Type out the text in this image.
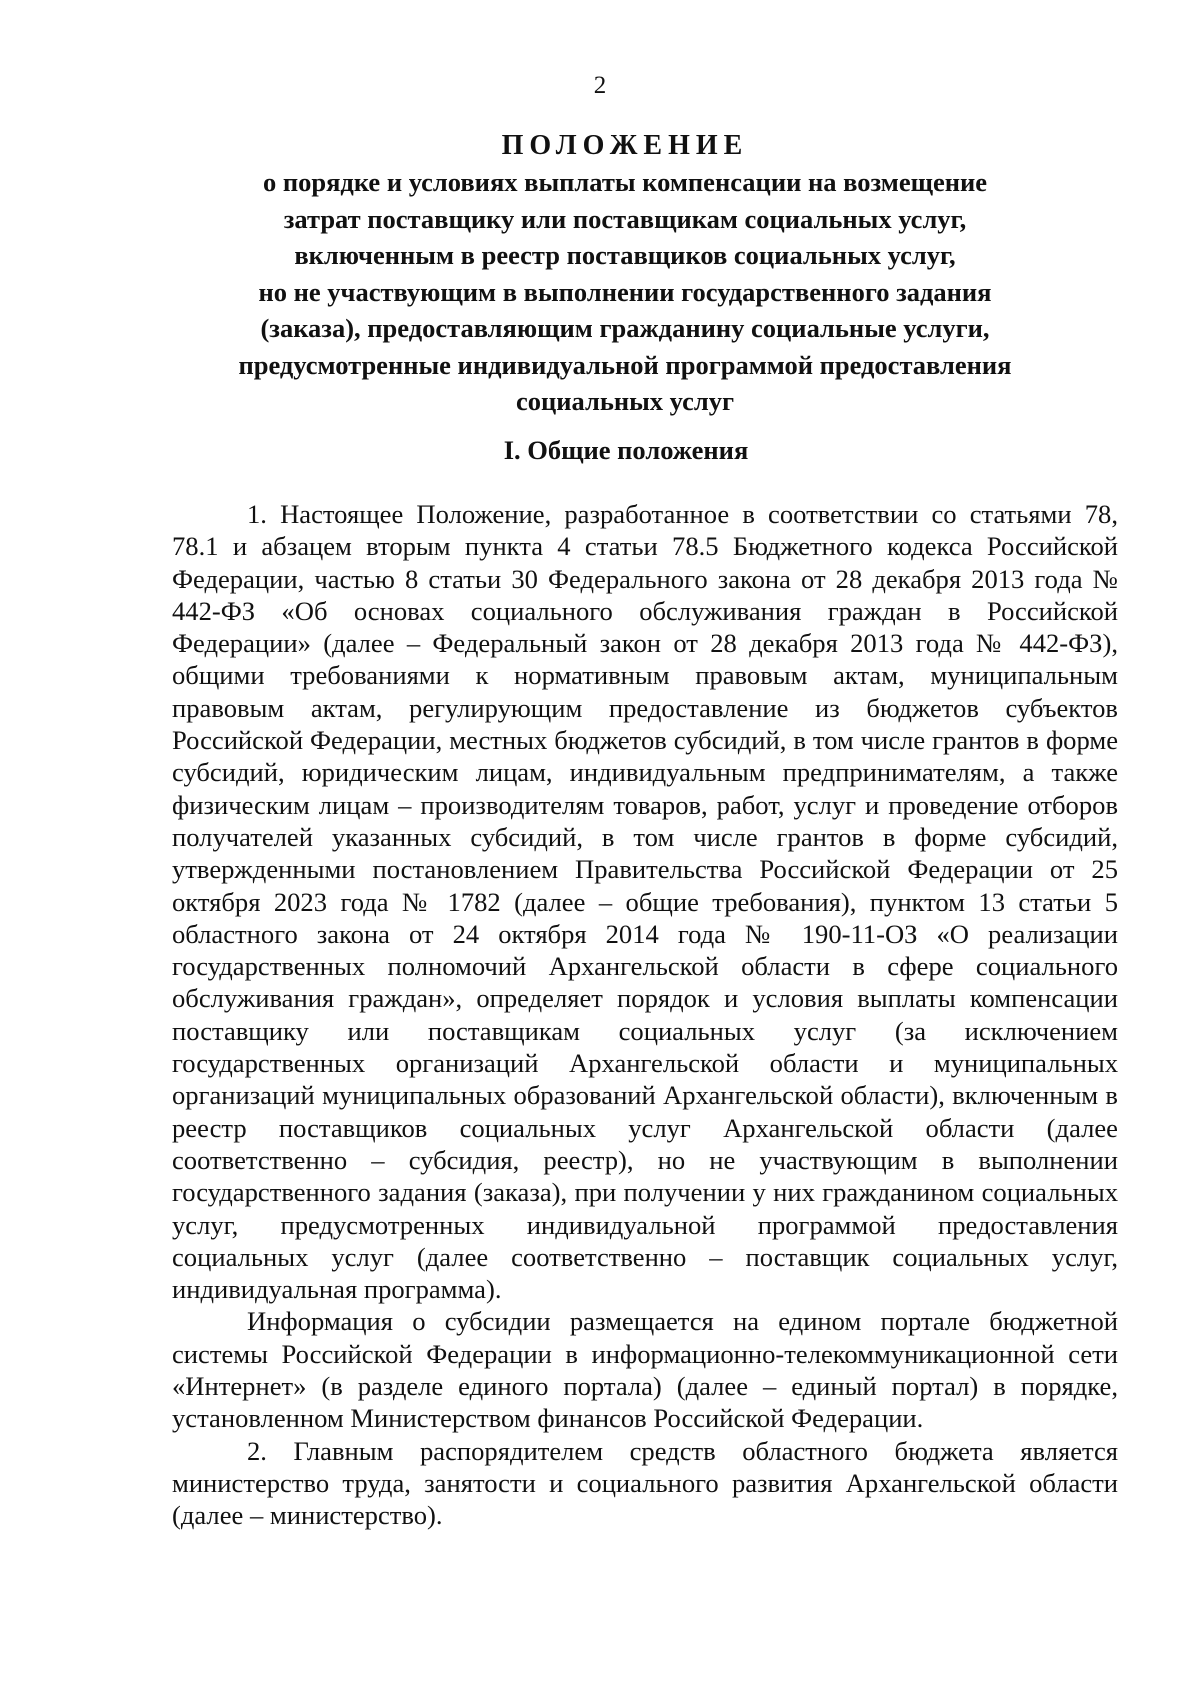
2
ПОЛОЖЕНИЕ
о порядке и условиях выплаты компенсации на возмещение
затрат поставщику или поставщикам социальных услуг,
включенным в реестр поставщиков социальных услуг,
но не участвующим в выполнении государственного задания
(заказа), предоставляющим гражданину социальные услуги,
предусмотренные индивидуальной программой предоставления
социальных услуг
I. Общие положения

1. Настоящее Положение, разработанное в соответствии со статьями 78, 78.1 и абзацем вторым пункта 4 статьи 78.5 Бюджетного кодекса Российской Федерации, частью 8 статьи 30 Федерального закона от 28 декабря 2013 года № 442-ФЗ «Об основах социального обслуживания граждан в Российской Федерации» (далее – Федеральный закон от 28 декабря 2013 года № 442-ФЗ), общими требованиями к нормативным правовым актам, муниципальным правовым актам, регулирующим предоставление из бюджетов субъектов Российской Федерации, местных бюджетов субсидий, в том числе грантов в форме субсидий, юридическим лицам, индивидуальным предпринимателям, а также физическим лицам – производителям товаров, работ, услуг и проведение отборов получателей указанных субсидий, в том числе грантов в форме субсидий, утвержденными постановлением Правительства Российской Федерации от 25 октября 2023 года № 1782 (далее – общие требования), пунктом 13 статьи 5 областного закона от 24 октября 2014 года № 190-11-ОЗ «О реализации государственных полномочий Архангельской области в сфере социального обслуживания граждан», определяет порядок и условия выплаты компенсации поставщику или поставщикам социальных услуг (за исключением государственных организаций Архангельской области и муниципальных организаций муниципальных образований Архангельской области), включенным в реестр поставщиков социальных услуг Архангельской области (далее соответственно – субсидия, реестр), но не участвующим в выполнении государственного задания (заказа), при получении у них гражданином социальных услуг, предусмотренных индивидуальной программой предоставления социальных услуг (далее соответственно – поставщик социальных услуг, индивидуальная программа).

Информация о субсидии размещается на едином портале бюджетной системы Российской Федерации в информационно-телекоммуникационной сети «Интернет» (в разделе единого портала) (далее – единый портал) в порядке, установленном Министерством финансов Российской Федерации.

2. Главным распорядителем средств областного бюджета является министерство труда, занятости и социального развития Архангельской области (далее – министерство).
